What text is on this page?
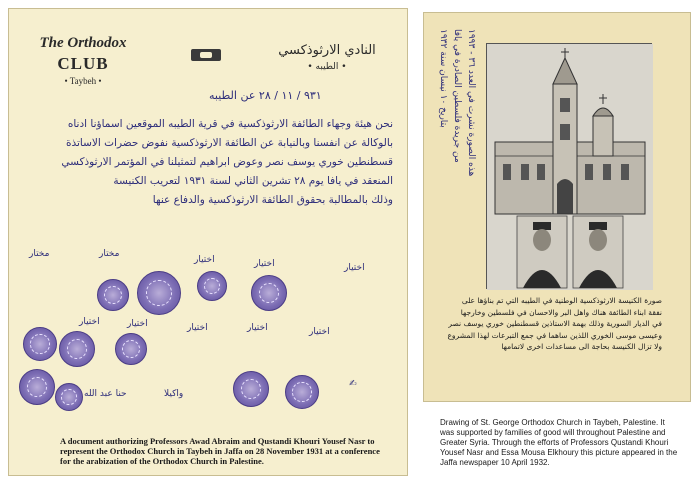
The Orthodox
CLUB
• Taybeh •
النادي الارثوذكسي
• الطيبه •
٩٣١ / ١١ / ٢٨ عن الطيبه
نحن هيئة وجهاء الطائفة الارثوذكسية في قرية الطيبه الموقعين اسماؤنا ادناه
بالوكالة عن انفسنا وبالنيابة عن الطائفة الارثوذكسية نفوض حضرات الاساتذة
قسطنطين خوري يوسف نصر وعوض ابراهيم لتمثيلنا في المؤتمر الارثوذكسي
المنعقد في يافا يوم ٢٨ تشرين الثاني لسنة ١٩٣١ لتعريب الكنيسة
وذلك بالمطالبة بحقوق الطائفة الارثوذكسية والدفاع عنها
مختار	مختار
اختيار	اختيار	اختيار
اختيار	اختيار	اختيار	اختيار	اختيار
واكيلا
حنا عبد الله
✍
A document authorizing Professors Awad Abraim and Qustandi Khouri Yousef Nasr to represent the Orthodox Church in Taybeh in Jaffa on 28 November 1931 at a conference for the arabization of the Orthodox Church in Palestine.
هذه الصورة نشرت في العدد ٣٦ - ١٩٩٣
من جريدة فلسطين الصادرة في يافا
بتاريخ ١٠ نيسان سنة ١٩٣٢
صورة الكنيسة الارثوذكسية الوطنية في الطيبه التي تم بناؤها على
نفقة ابناء الطائفة هناك واهل البر والاحسان في فلسطين وخارجها
في الديار السورية وذلك بهمة الاستاذين قسطنطين خوري يوسف نصر
وعيسى موسى الخوري اللذين ساهما في جمع التبرعات لهذا المشروع
ولا تزال الكنيسة بحاجة الى مساعدات اخرى لاتمامها
Drawing of St. George Orthodox Church in Taybeh, Palestine. It was supported by families of good will throughout Palestine and Greater Syria. Through the efforts of Professors Qustandi Khouri Yousef Nasr and Essa Mousa Elkhoury this picture appeared in the Jaffa newspaper 10 April 1932.
